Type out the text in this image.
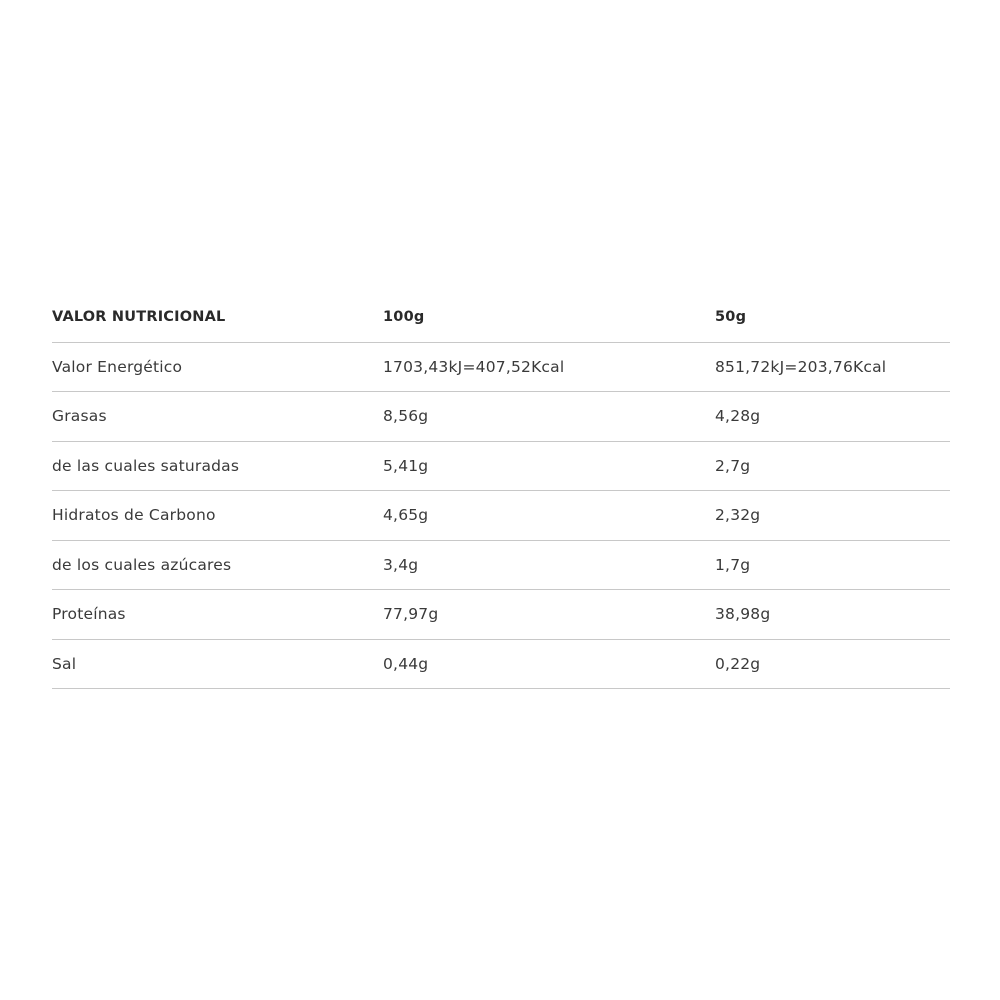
VALOR NUTRICIONAL	100g	50g
Valor Energético	1703,43kJ=407,52Kcal	851,72kJ=203,76Kcal
Grasas	8,56g	4,28g
de las cuales saturadas	5,41g	2,7g
Hidratos de Carbono	4,65g	2,32g
de los cuales azúcares	3,4g	1,7g
Proteínas	77,97g	38,98g
Sal	0,44g	0,22g
